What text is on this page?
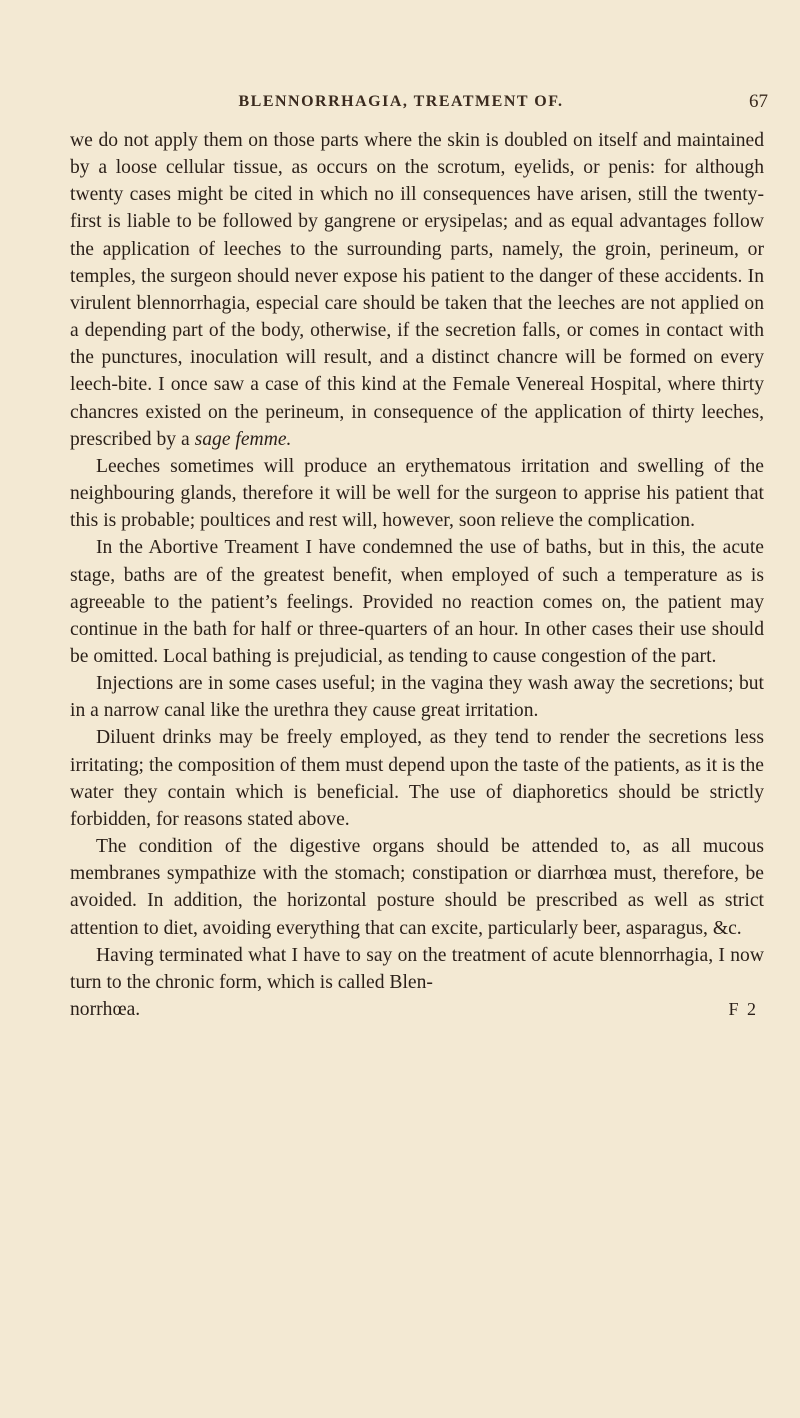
BLENNORRHAGIA, TREATMENT OF.	67

we do not apply them on those parts where the skin is doubled on itself and maintained by a loose cellular tissue, as occurs on the scrotum, eyelids, or penis: for although twenty cases might be cited in which no ill consequences have arisen, still the twenty-first is liable to be followed by gangrene or erysipelas; and as equal advantages follow the application of leeches to the surrounding parts, namely, the groin, perineum, or temples, the surgeon should never expose his patient to the danger of these accidents. In virulent blennorrhagia, especial care should be taken that the leeches are not applied on a depending part of the body, otherwise, if the secretion falls, or comes in contact with the punctures, inoculation will result, and a distinct chancre will be formed on every leech-bite. I once saw a case of this kind at the Female Venereal Hospital, where thirty chancres existed on the perineum, in consequence of the application of thirty leeches, prescribed by a sage femme.

Leeches sometimes will produce an erythematous irritation and swelling of the neighbouring glands, therefore it will be well for the surgeon to apprise his patient that this is probable; poultices and rest will, however, soon relieve the complication.

In the Abortive Treament I have condemned the use of baths, but in this, the acute stage, baths are of the greatest benefit, when employed of such a temperature as is agreeable to the patient’s feelings. Provided no reaction comes on, the patient may continue in the bath for half or three-quarters of an hour. In other cases their use should be omitted. Local bathing is prejudicial, as tending to cause congestion of the part.

Injections are in some cases useful; in the vagina they wash away the secretions; but in a narrow canal like the urethra they cause great irritation.

Diluent drinks may be freely employed, as they tend to render the secretions less irritating; the composition of them must depend upon the taste of the patients, as it is the water they contain which is beneficial. The use of diaphoretics should be strictly forbidden, for reasons stated above.

The condition of the digestive organs should be attended to, as all mucous membranes sympathize with the stomach; constipation or diarrhœa must, therefore, be avoided. In addition, the horizontal posture should be prescribed as well as strict attention to diet, avoiding everything that can excite, particularly beer, asparagus, &c.

Having terminated what I have to say on the treatment of acute blennorrhagia, I now turn to the chronic form, which is called Blen-

norrhœa.	F 2
